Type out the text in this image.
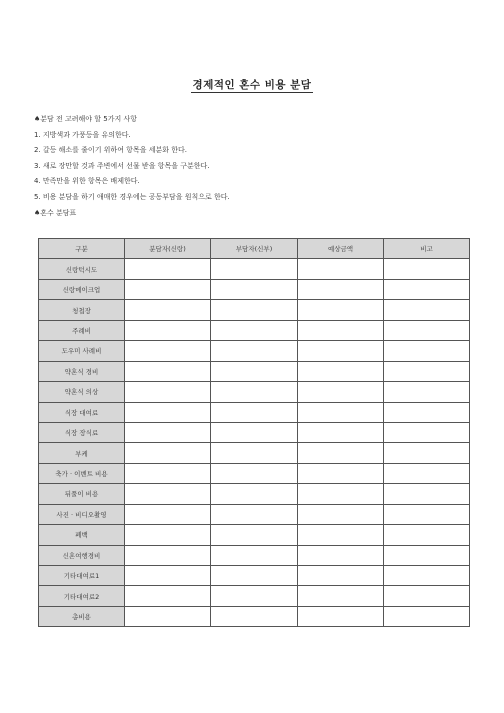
경제적인 혼수 비용 분담
♠분담 전 고려해야 할 5가지 사항
1. 지방색과 가풍등을 유의한다.
2. 갈등 해소를 줄이기 위하여 항목을 세분화 한다.
3. 새로 장만할 것과 주변에서 선물 받을 항목을 구분한다.
4. 만족만을 위한 항목은 배제한다.
5. 비용 분담을 하기 애매한 경우에는 공동부담을 원칙으로 한다.
♠혼수 분담표
구분	분담자(신랑)	부담자(신부)	예상금액	비고
신랑턱시도				
신랑메이크업				
청첩장				
주례비				
도우미 사례비				
약혼식 경비				
약혼식 의상				
식장 대여료				
식장 장식료				
부케				
축가 · 이벤트 비용				
뒤풀이 비용				
사진 · 비디오촬영				
폐백				
신혼여행경비				
기타대여료1				
기타대여료2				
총비용				
